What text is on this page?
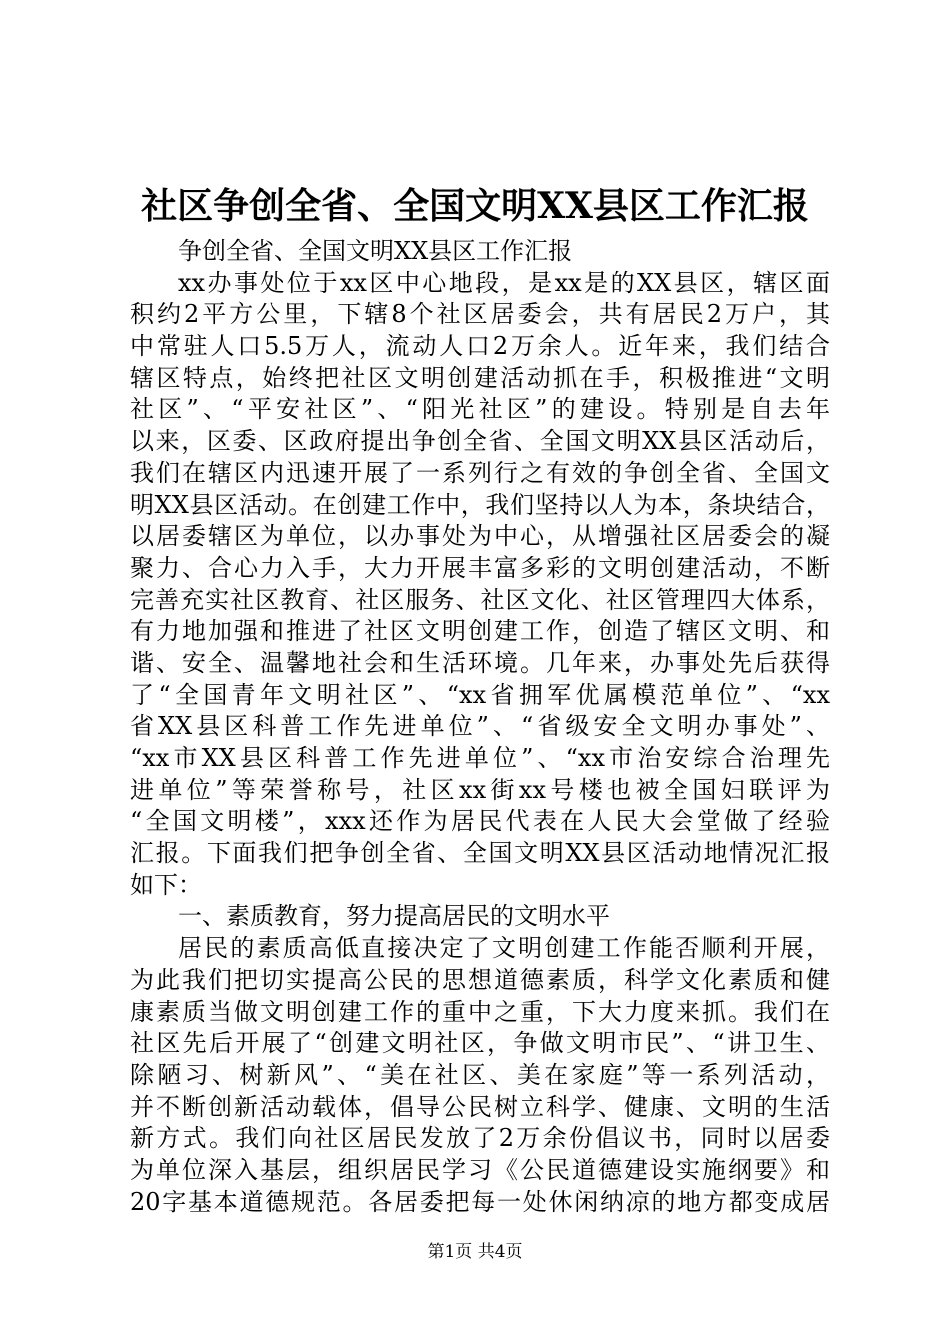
社区争创全省、全国文明XX县区工作汇报
争创全省、全国文明XX县区工作汇报
xx办事处位于xx区中心地段，是xx是的XX县区，辖区面
积约2平方公里，下辖8个社区居委会，共有居民2万户，其
中常驻人口5.5万人，流动人口2万余人。近年来，我们结合
辖区特点，始终把社区文明创建活动抓在手，积极推进“文明
社区”、“平安社区”、“阳光社区”的建设。特别是自去年
以来，区委、区政府提出争创全省、全国文明XX县区活动后，
我们在辖区内迅速开展了一系列行之有效的争创全省、全国文
明XX县区活动。在创建工作中，我们坚持以人为本，条块结合，
以居委辖区为单位，以办事处为中心，从增强社区居委会的凝
聚力、合心力入手，大力开展丰富多彩的文明创建活动，不断
完善充实社区教育、社区服务、社区文化、社区管理四大体系，
有力地加强和推进了社区文明创建工作，创造了辖区文明、和
谐、安全、温馨地社会和生活环境。几年来，办事处先后获得
了“全国青年文明社区”、“xx省拥军优属模范单位”、“xx
省XX县区科普工作先进单位”、“省级安全文明办事处”、
“xx市XX县区科普工作先进单位”、“xx市治安综合治理先
进单位”等荣誉称号，社区xx街xx号楼也被全国妇联评为
“全国文明楼”，xxx还作为居民代表在人民大会堂做了经验
汇报。下面我们把争创全省、全国文明XX县区活动地情况汇报
如下：
一、素质教育，努力提高居民的文明水平
居民的素质高低直接决定了文明创建工作能否顺利开展，
为此我们把切实提高公民的思想道德素质，科学文化素质和健
康素质当做文明创建工作的重中之重，下大力度来抓。我们在
社区先后开展了“创建文明社区，争做文明市民”、“讲卫生、
除陋习、树新风”、“美在社区、美在家庭”等一系列活动，
并不断创新活动载体，倡导公民树立科学、健康、文明的生活
新方式。我们向社区居民发放了2万余份倡议书，同时以居委
为单位深入基层，组织居民学习《公民道德建设实施纲要》和
20字基本道德规范。各居委把每一处休闲纳凉的地方都变成居
第1页 共4页
